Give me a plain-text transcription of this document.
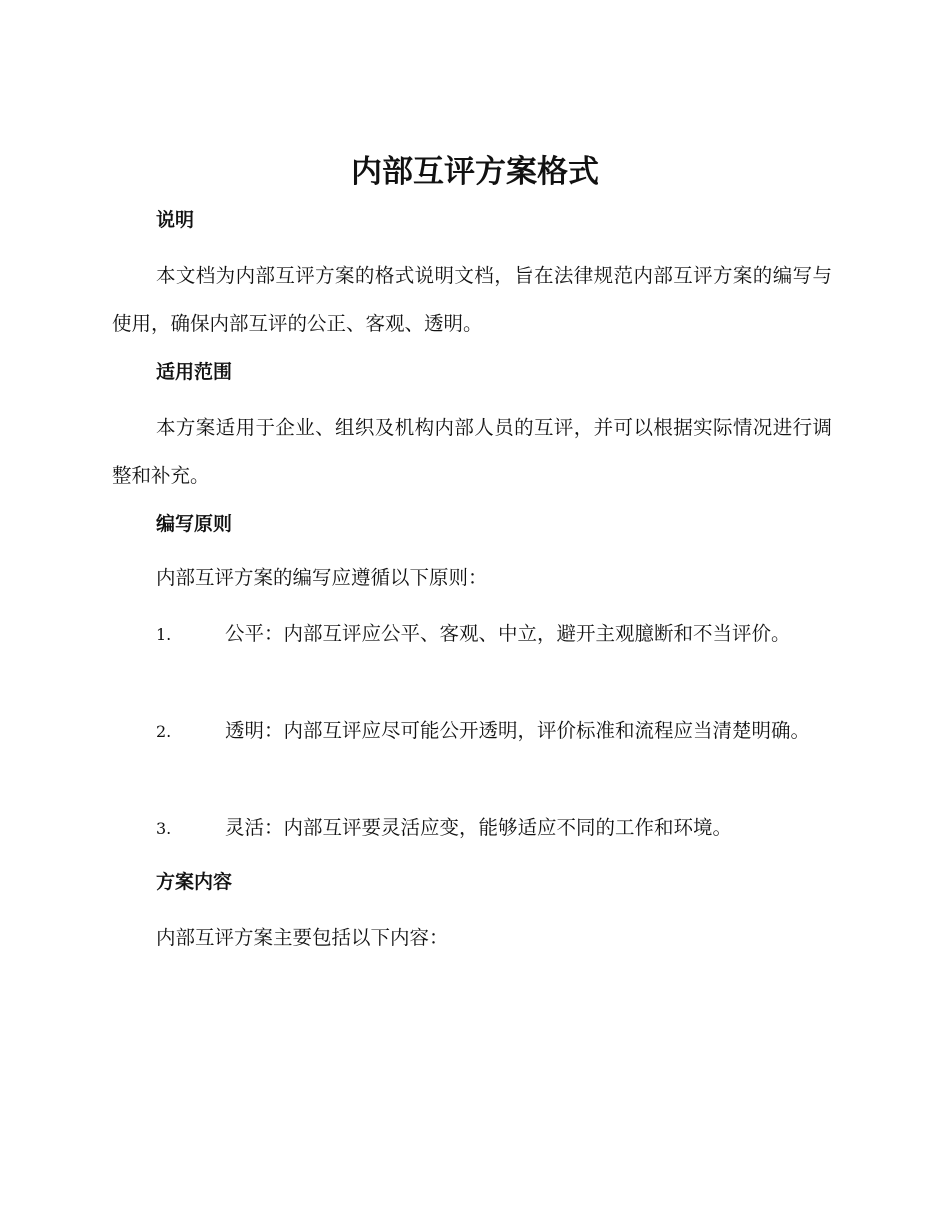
内部互评方案格式
说明

本文档为内部互评方案的格式说明文档，旨在法律规范内部互评方案的编写与使用，确保内部互评的公正、客观、透明。

适用范围

本方案适用于企业、组织及机构内部人员的互评，并可以根据实际情况进行调整和补充。

编写原则

内部互评方案的编写应遵循以下原则：

1.	公平：内部互评应公平、客观、中立，避开主观臆断和不当评价。
2.	透明：内部互评应尽可能公开透明，评价标准和流程应当清楚明确。
3.	灵活：内部互评要灵活应变，能够适应不同的工作和环境。
方案内容

内部互评方案主要包括以下内容：
